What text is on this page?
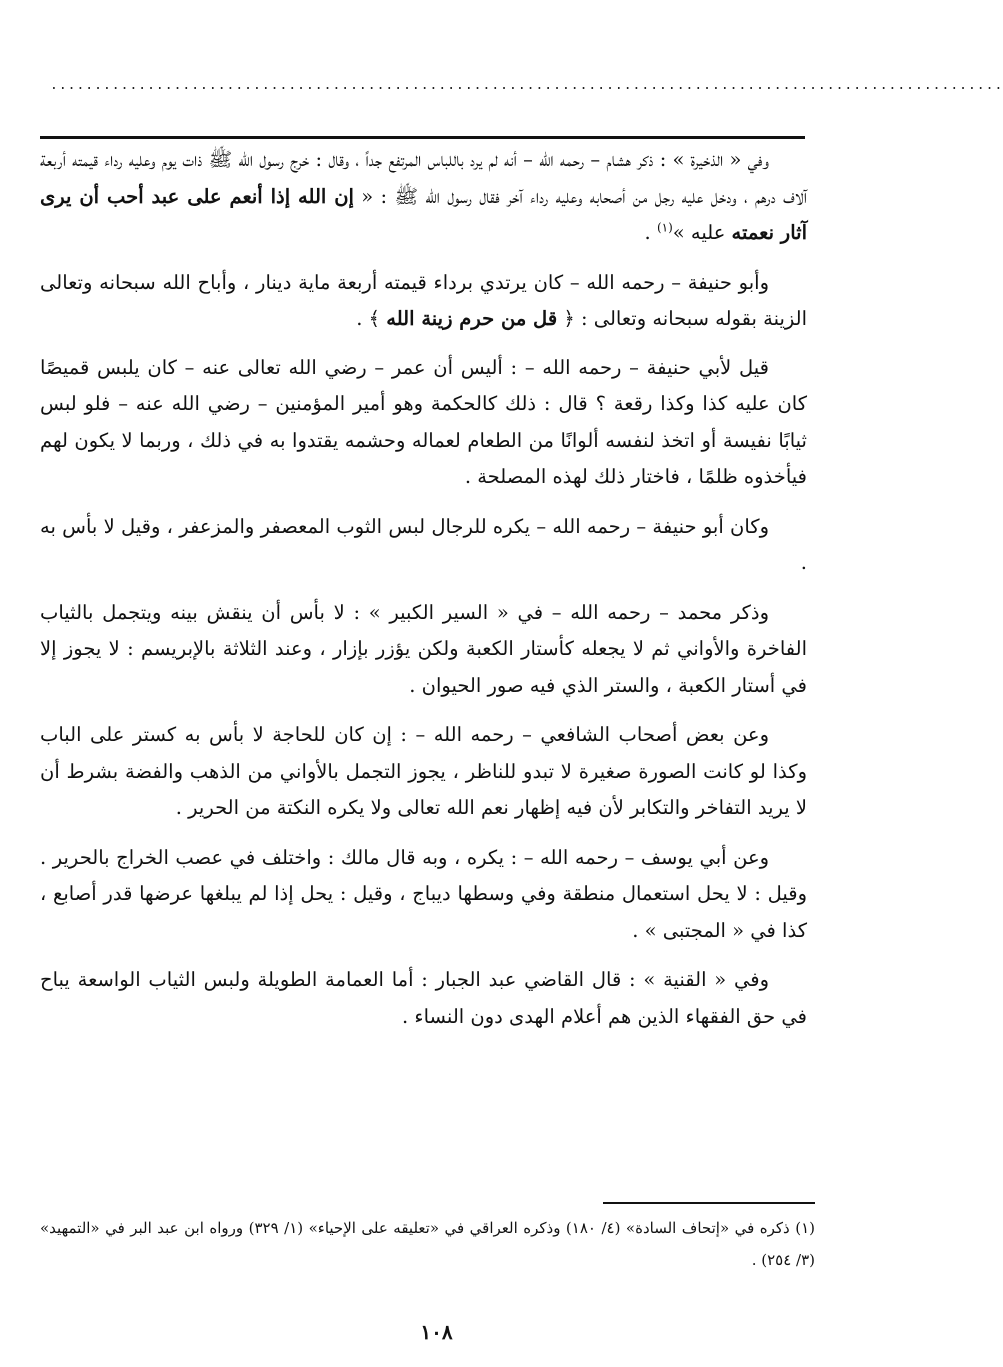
............................................................................................................

وفي « الذخيرة » : ذكر هشام – رحمه الله – أنه لم يرد باللباس المرتفع جداً ، وقال : خرج رسول الله ﷺ ذات يوم وعليه رداء قيمته أربعة آلاف درهم ، ودخل عليه رجل من أصحابه وعليه رداء آخر فقال رسول الله ﷺ : « إن الله إذا أنعم على عبد أحب أن يرى آثار نعمته عليه »$^{(١)}$ .

وأبو حنيفة – رحمه الله – كان يرتدي برداء قيمته أربعة ماية دينار ، وأباح الله سبحانه وتعالى الزينة بقوله سبحانه وتعالى : ﴿ قل من حرم زينة الله ﴾ .

قيل لأبي حنيفة – رحمه الله – : أليس أن عمر – رضي الله تعالى عنه – كان يلبس قميصًا كان عليه كذا وكذا رقعة ؟ قال : ذلك كالحكمة وهو أمير المؤمنين – رضي الله عنه – فلو لبس ثيابًا نفيسة أو اتخذ لنفسه ألوانًا من الطعام لعماله وحشمه يقتدوا به في ذلك ، وربما لا يكون لهم فيأخذوه ظلمًا ، فاختار ذلك لهذه المصلحة .

وكان أبو حنيفة – رحمه الله – يكره للرجال لبس الثوب المعصفر والمزعفر ، وقيل لا بأس به .

وذكر محمد – رحمه الله – في « السير الكبير » : لا بأس أن ينقش بينه ويتجمل بالثياب الفاخرة والأواني ثم لا يجعله كأستار الكعبة ولكن يؤزر بإزار ، وعند الثلاثة بالإبريسم : لا يجوز إلا في أستار الكعبة ، والستر الذي فيه صور الحيوان .

وعن بعض أصحاب الشافعي – رحمه الله – : إن كان للحاجة لا بأس به كستر على الباب وكذا لو كانت الصورة صغيرة لا تبدو للناظر ، يجوز التجمل بالأواني من الذهب والفضة بشرط أن لا يريد التفاخر والتكابر لأن فيه إظهار نعم الله تعالى ولا يكره النكتة من الحرير .

وعن أبي يوسف – رحمه الله – : يكره ، وبه قال مالك : واختلف في عصب الخراج بالحرير . وقيل : لا يحل استعمال منطقة وفي وسطها ديباج ، وقيل : يحل إذا لم يبلغها عرضها قدر أصابع ، كذا في « المجتبى » .

وفي « القنية » : قال القاضي عبد الجبار : أما العمامة الطويلة ولبس الثياب الواسعة يباح في حق الفقهاء الذين هم أعلام الهدى دون النساء .

(١) ذكره في «إتحاف السادة» (٤/ ١٨٠) وذكره العراقي في «تعليقه على الإحياء» (١/ ٣٢٩) ورواه ابن عبد البر في «التمهيد» (٣/ ٢٥٤) .

١٠٨
